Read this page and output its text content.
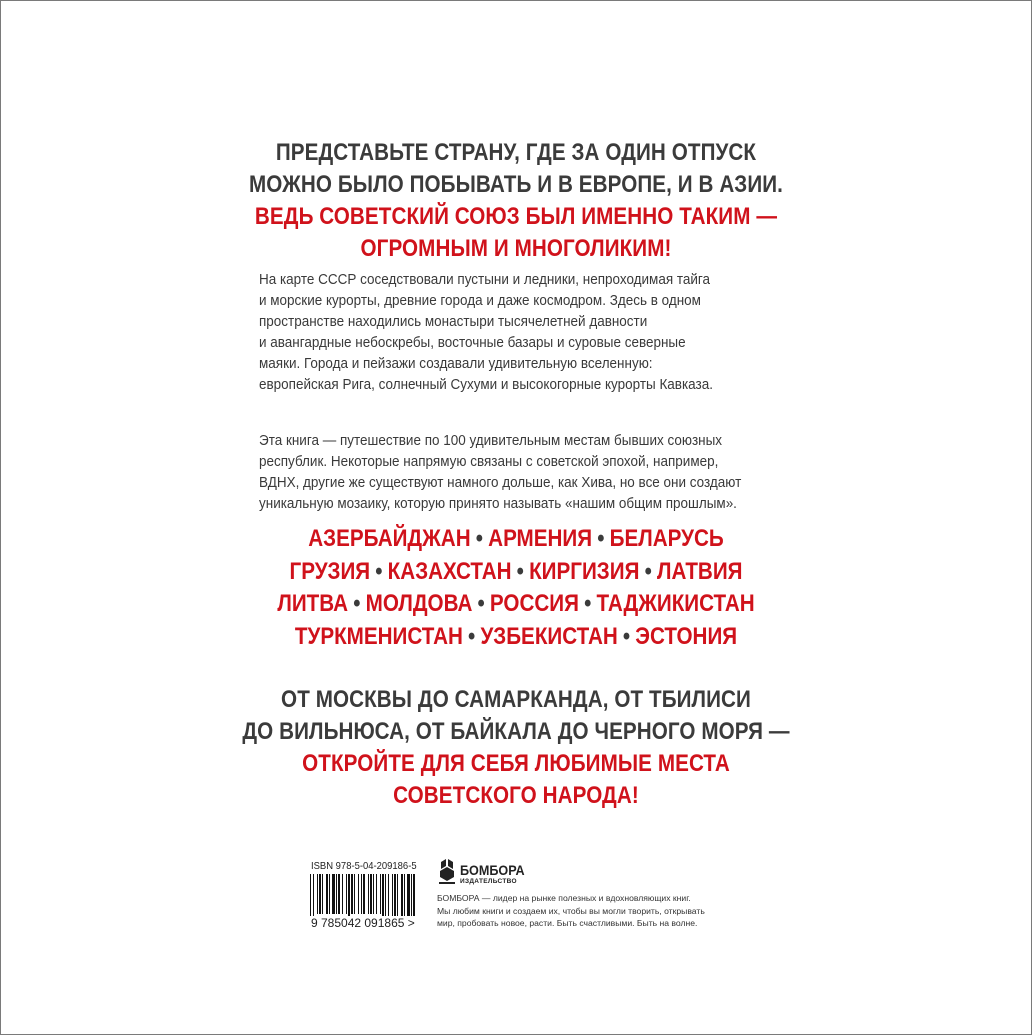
ПРЕДСТАВЬТЕ СТРАНУ, ГДЕ ЗА ОДИН ОТПУСК
МОЖНО БЫЛО ПОБЫВАТЬ И В ЕВРОПЕ, И В АЗИИ.
ВЕДЬ СОВЕТСКИЙ СОЮЗ БЫЛ ИМЕННО ТАКИМ —
ОГРОМНЫМ И МНОГОЛИКИМ!
На карте СССР соседствовали пустыни и ледники, непроходимая тайга
и морские курорты, древние города и даже космодром. Здесь в одном
пространстве находились монастыри тысячелетней давности
и авангардные небоскребы, восточные базары и суровые северные
маяки. Города и пейзажи создавали удивительную вселенную:
европейская Рига, солнечный Сухуми и высокогорные курорты Кавказа.
Эта книга — путешествие по 100 удивительным местам бывших союзных
республик. Некоторые напрямую связаны с советской эпохой, например,
ВДНХ, другие же существуют намного дольше, как Хива, но все они создают
уникальную мозаику, которую принято называть «нашим общим прошлым».
АЗЕРБАЙДЖАН • АРМЕНИЯ • БЕЛАРУСЬ
ГРУЗИЯ • КАЗАХСТАН • КИРГИЗИЯ • ЛАТВИЯ
ЛИТВА • МОЛДОВА • РОССИЯ • ТАДЖИКИСТАН
ТУРКМЕНИСТАН • УЗБЕКИСТАН • ЭСТОНИЯ
ОТ МОСКВЫ ДО САМАРКАНДА, ОТ ТБИЛИСИ
ДО ВИЛЬНЮСА, ОТ БАЙКАЛА ДО ЧЕРНОГО МОРЯ —
ОТКРОЙТЕ ДЛЯ СЕБЯ ЛЮБИМЫЕ МЕСТА
СОВЕТСКОГО НАРОДА!
ISBN 978-5-04-209186-5
9 785042 091865 >
БОМБОРА
ИЗДАТЕЛЬСТВО
БОМБОРА — лидер на рынке полезных и вдохновляющих книг.
Мы любим книги и создаем их, чтобы вы могли творить, открывать
мир, пробовать новое, расти. Быть счастливыми. Быть на волне.
